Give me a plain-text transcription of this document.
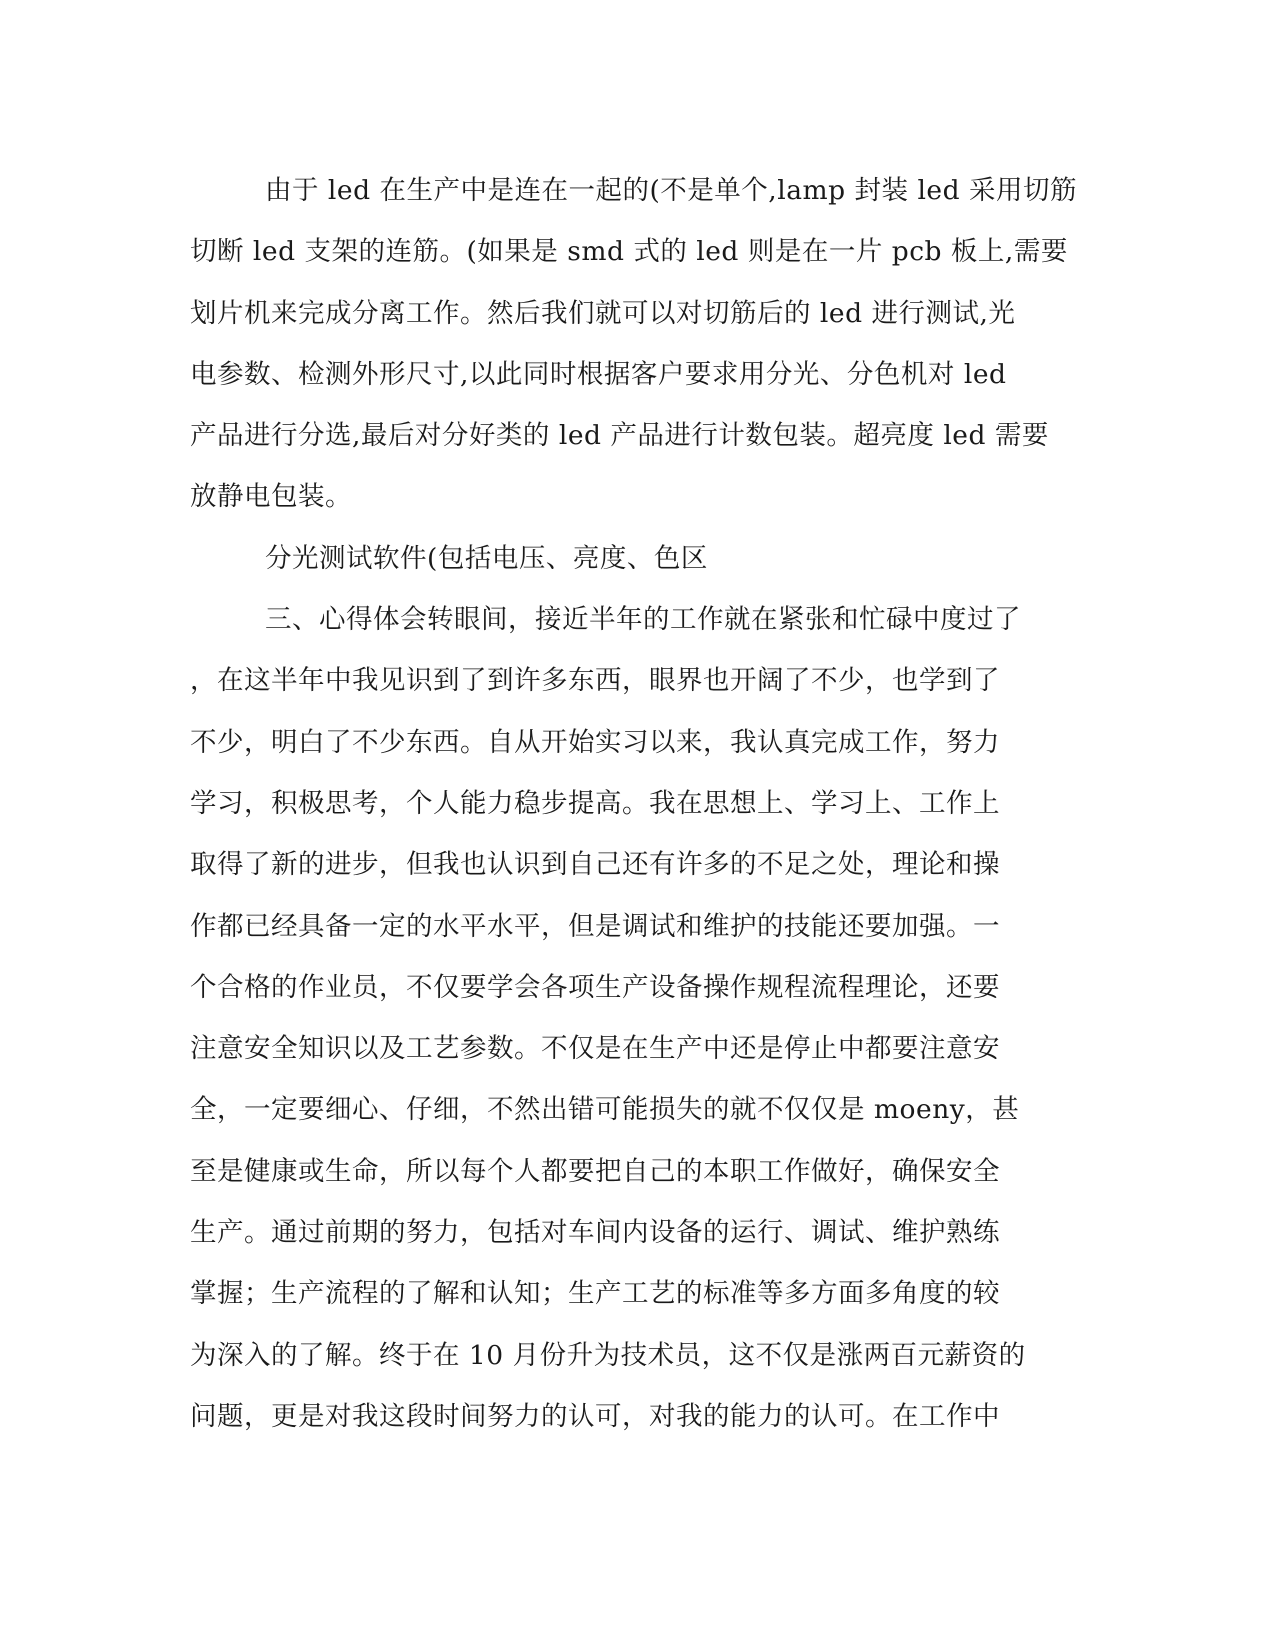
由于 led 在生产中是连在一起的(不是单个,lamp 封装 led 采用切筋
切断 led 支架的连筋。(如果是 smd 式的 led 则是在一片 pcb 板上,需要
划片机来完成分离工作。然后我们就可以对切筋后的 led 进行测试,光
电参数、检测外形尺寸,以此同时根据客户要求用分光、分色机对 led
产品进行分选,最后对分好类的 led 产品进行计数包装。超亮度 led 需要
放静电包装。
分光测试软件(包括电压、亮度、色区
三、心得体会转眼间，接近半年的工作就在紧张和忙碌中度过了
，在这半年中我见识到了到许多东西，眼界也开阔了不少，也学到了
不少，明白了不少东西。自从开始实习以来，我认真完成工作，努力
学习，积极思考，个人能力稳步提高。我在思想上、学习上、工作上
取得了新的进步，但我也认识到自己还有许多的不足之处，理论和操
作都已经具备一定的水平水平，但是调试和维护的技能还要加强。一
个合格的作业员，不仅要学会各项生产设备操作规程流程理论，还要
注意安全知识以及工艺参数。不仅是在生产中还是停止中都要注意安
全，一定要细心、仔细，不然出错可能损失的就不仅仅是 moeny，甚
至是健康或生命，所以每个人都要把自己的本职工作做好，确保安全
生产。通过前期的努力，包括对车间内设备的运行、调试、维护熟练
掌握；生产流程的了解和认知；生产工艺的标准等多方面多角度的较
为深入的了解。终于在 10 月份升为技术员，这不仅是涨两百元薪资的
问题，更是对我这段时间努力的认可，对我的能力的认可。在工作中
